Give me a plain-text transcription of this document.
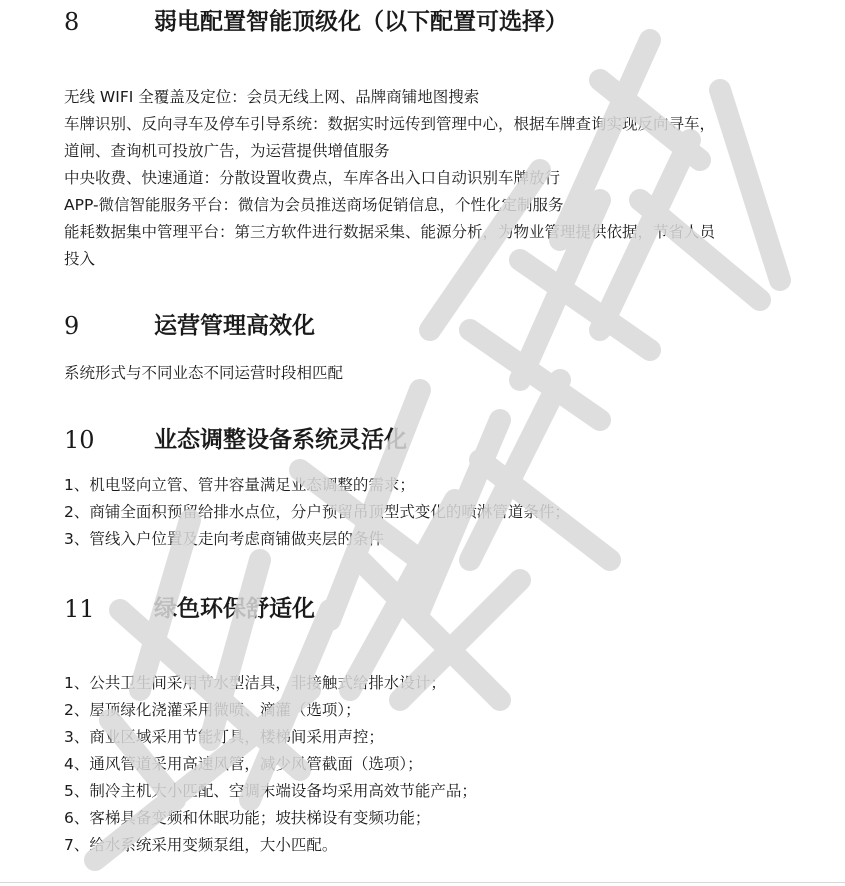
8	弱电配置智能顶级化（以下配置可选择）
无线 WIFI 全覆盖及定位：会员无线上网、品牌商铺地图搜索
车牌识别、反向寻车及停车引导系统：数据实时远传到管理中心，根据车牌查询实现反向寻车，
道闸、查询机可投放广告，为运营提供增值服务
中央收费、快速通道：分散设置收费点，车库各出入口自动识别车牌放行
APP-微信智能服务平台：微信为会员推送商场促销信息，个性化定制服务
能耗数据集中管理平台：第三方软件进行数据采集、能源分析，为物业管理提供依据，节省人员
投入
9	运营管理高效化
系统形式与不同业态不同运营时段相匹配
10	业态调整设备系统灵活化
1、机电竖向立管、管井容量满足业态调整的需求；
2、商铺全面积预留给排水点位，分户预留吊顶型式变化的喷淋管道条件；
3、管线入户位置及走向考虑商铺做夹层的条件
11	绿色环保舒适化
1、公共卫生间采用节水型洁具，非接触式给排水设计；
2、屋顶绿化浇灌采用微喷、滴灌（选项）；
3、商业区域采用节能灯具，楼梯间采用声控；
4、通风管道采用高速风管，减少风管截面（选项）；
5、制冷主机大小匹配、空调末端设备均采用高效节能产品；
6、客梯具备变频和休眠功能；坡扶梯设有变频功能；
7、给水系统采用变频泵组，大小匹配。
